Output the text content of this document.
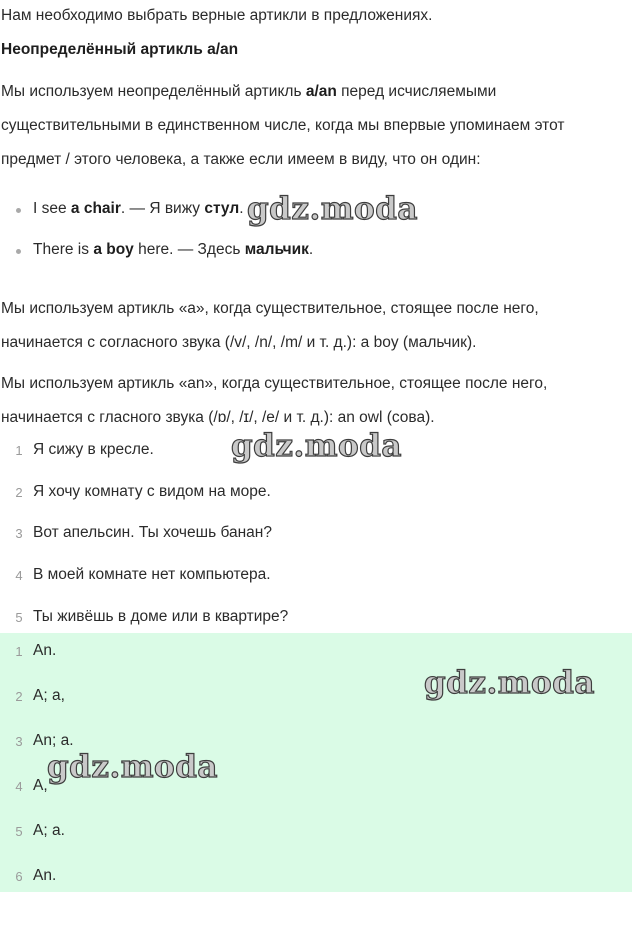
Нам необходимо выбрать верные артикли в предложениях.

Неопределённый артикль a/an

Мы используем неопределённый артикль a/an перед исчисляемыми

существительными в единственном числе, когда мы впервые упоминаем этот

предмет / этого человека, а также если имеем в виду, что он один:

I see a chair. — Я вижу стул.

There is a boy here. — Здесь мальчик.

Мы используем артикль «а», когда существительное, стоящее после него,

начинается с согласного звука (/v/, /n/, /m/ и т. д.): a boy (мальчик).

Мы используем артикль «an», когда существительное, стоящее после него,

начинается с гласного звука (/ɒ/, /ɪ/, /e/ и т. д.): an owl (сова).

1 Я сижу в кресле.
2 Я хочу комнату с видом на море.
3 Вот апельсин. Ты хочешь банан?
4 В моей комнате нет компьютера.
5 Ты живёшь в доме или в квартире?
1 An.
2 A; a,
3 An; a.
4 A,
5 A; a.
6 An.
gdz.moda
gdz.moda
gdz.moda
gdz.moda
